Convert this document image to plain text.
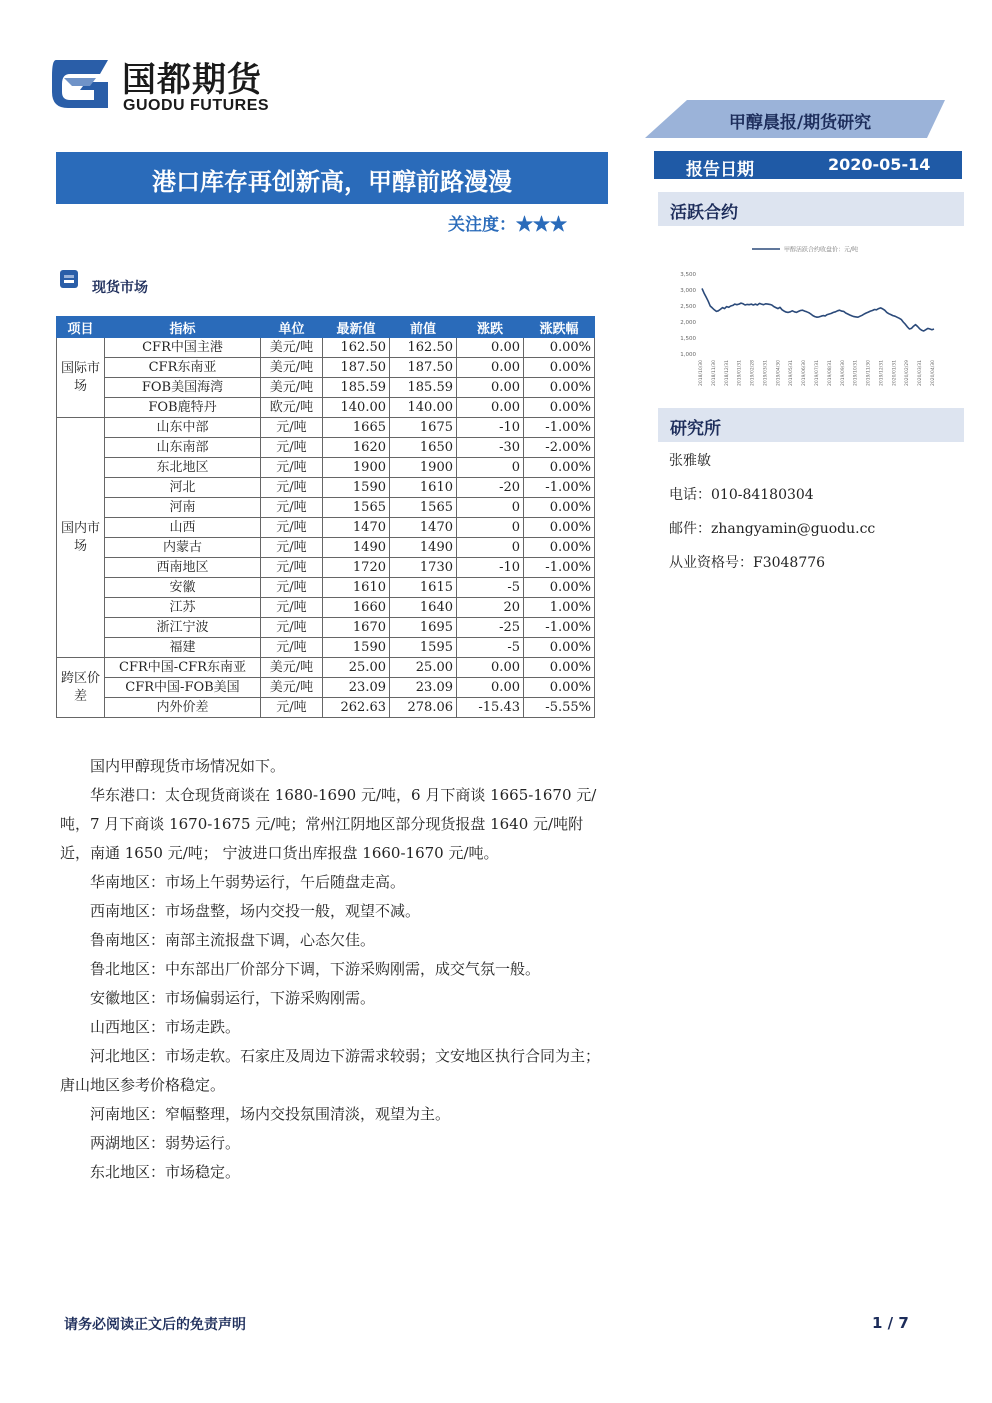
国都期货
GUODU FUTURES
甲醇晨报/期货研究
港口库存再创新高，甲醇前路漫漫
关注度：★★★
报告日期	2020-05-14
活跃合约
甲醇活跃合约收盘价：元/吨
1,000
1,500
2,000
2,500
3,000
3,500
2018/10/30 2018/11/30 2018/12/31 2019/01/31 2019/02/28 2019/03/31 2019/04/30 2019/05/31 2019/06/30 2019/07/31 2019/08/31 2019/09/30 2019/10/31 2019/11/30 2019/12/31 2020/01/31 2020/02/29 2020/03/31 2020/04/30
研究所
张雅敏
电话：010-84180304
邮件：zhangyamin@guodu.cc
从业资格号：F3048776
现货市场
项目	指标	单位	最新值	前值	涨跌	涨跌幅
国际市场	CFR中国主港	美元/吨	162.50	162.50	0.00	0.00%
	CFR东南亚	美元/吨	187.50	187.50	0.00	0.00%
	FOB美国海湾	美元/吨	185.59	185.59	0.00	0.00%
	FOB鹿特丹	欧元/吨	140.00	140.00	0.00	0.00%
国内市场	山东中部	元/吨	1665	1675	-10	-1.00%
	山东南部	元/吨	1620	1650	-30	-2.00%
	东北地区	元/吨	1900	1900	0	0.00%
	河北	元/吨	1590	1610	-20	-1.00%
	河南	元/吨	1565	1565	0	0.00%
	山西	元/吨	1470	1470	0	0.00%
	内蒙古	元/吨	1490	1490	0	0.00%
	西南地区	元/吨	1720	1730	-10	-1.00%
	安徽	元/吨	1610	1615	-5	0.00%
	江苏	元/吨	1660	1640	20	1.00%
	浙江宁波	元/吨	1670	1695	-25	-1.00%
	福建	元/吨	1590	1595	-5	0.00%
跨区价差	CFR中国-CFR东南亚	美元/吨	25.00	25.00	0.00	0.00%
	CFR中国-FOB美国	美元/吨	23.09	23.09	0.00	0.00%
	内外价差	元/吨	262.63	278.06	-15.43	-5.55%

国内甲醇现货市场情况如下。

华东港口：太仓现货商谈在 1680-1690 元/吨，6 月下商谈 1665-1670 元/吨，7 月下商谈 1670-1675 元/吨；常州江阴地区部分现货报盘 1640 元/吨附近，南通 1650 元/吨； 宁波进口货出库报盘 1660-1670 元/吨。

华南地区：市场上午弱势运行，午后随盘走高。

西南地区：市场盘整，场内交投一般，观望不减。

鲁南地区：南部主流报盘下调，心态欠佳。

鲁北地区：中东部出厂价部分下调，下游采购刚需，成交气氛一般。

安徽地区：市场偏弱运行，下游采购刚需。

山西地区：市场走跌。

河北地区：市场走软。石家庄及周边下游需求较弱；文安地区执行合同为主；唐山地区参考价格稳定。

河南地区：窄幅整理，场内交投氛围清淡，观望为主。

两湖地区：弱势运行。

东北地区：市场稳定。

请务必阅读正文后的免责声明	1 / 7
